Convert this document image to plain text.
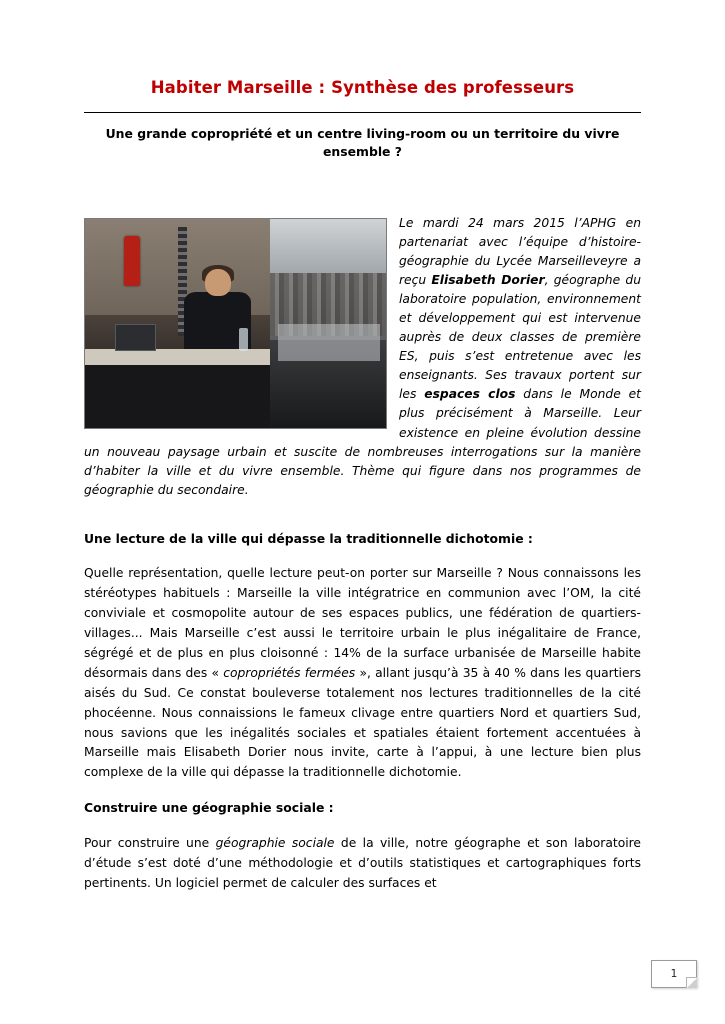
Habiter Marseille : Synthèse des professeurs
Une grande copropriété et un centre living-room ou un territoire du vivre ensemble ?

Le mardi 24 mars 2015 l’APHG en partenariat avec l’équipe d’histoire-géographie du Lycée Marseilleveyre a reçu Elisabeth Dorier, géographe du laboratoire population, environnement et développement qui est intervenue auprès de deux classes de première ES, puis s’est entretenue avec les enseignants. Ses travaux portent sur les espaces clos dans le Monde et plus précisément à Marseille. Leur existence en pleine évolution dessine un nouveau paysage urbain et suscite de nombreuses interrogations sur la manière d’habiter la ville et du vivre ensemble. Thème qui figure dans nos programmes de géographie du secondaire.

Une lecture de la ville qui dépasse la traditionnelle dichotomie :

Quelle représentation, quelle lecture peut-on porter sur Marseille ? Nous connaissons les stéréotypes habituels : Marseille la ville intégratrice en communion avec l’OM, la cité conviviale et cosmopolite autour de ses espaces publics, une fédération de quartiers-villages... Mais Marseille c’est aussi le territoire urbain le plus inégalitaire de France, ségrégé et de plus en plus cloisonné : 14% de la surface urbanisée de Marseille habite désormais dans des « copropriétés fermées », allant jusqu’à 35 à 40 % dans les quartiers aisés du Sud. Ce constat bouleverse totalement nos lectures traditionnelles de la cité phocéenne. Nous connaissions le fameux clivage entre quartiers Nord et quartiers Sud, nous savions que les inégalités sociales et spatiales étaient fortement accentuées à Marseille mais Elisabeth Dorier nous invite, carte à l’appui, à une lecture bien plus complexe de la ville qui dépasse la traditionnelle dichotomie.

Construire une géographie sociale :

Pour construire une géographie sociale de la ville, notre géographe et son laboratoire d’étude s’est doté d’une méthodologie et d’outils statistiques et cartographiques forts pertinents. Un logiciel permet de calculer des surfaces et

1
